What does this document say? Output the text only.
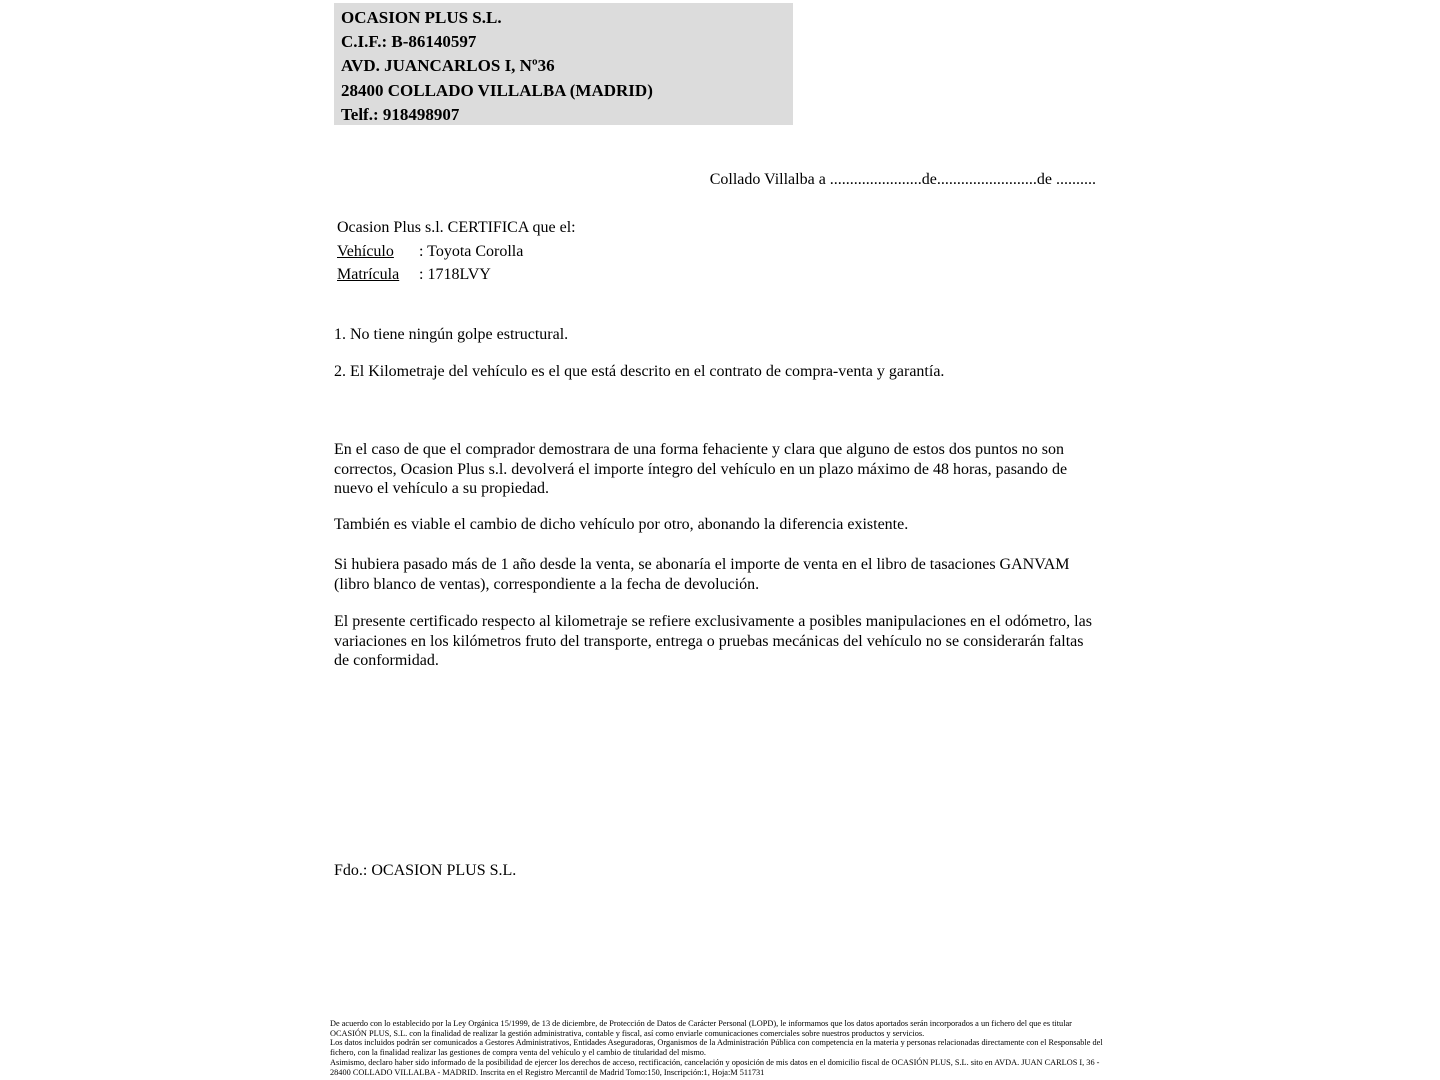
OCASION PLUS S.L.
C.I.F.: B-86140597
AVD. JUANCARLOS I, Nº36
28400 COLLADO VILLALBA (MADRID)
Telf.: 918498907
Collado Villalba a .......................de.........................de ..........
Ocasion Plus s.l. CERTIFICA que el:
Vehículo : Toyota Corolla
Matrícula : 1718LVY
1. No tiene ningún golpe estructural.
2. El Kilometraje del vehículo es el que está descrito en el contrato de compra-venta y garantía.
En el caso de que el comprador demostrara de una forma fehaciente y clara que alguno de estos dos puntos no son correctos, Ocasion Plus s.l. devolverá el importe íntegro del vehículo en un plazo máximo de 48 horas, pasando de nuevo el vehículo a su propiedad.
También es viable el cambio de dicho vehículo por otro, abonando la diferencia existente.
Si hubiera pasado más de 1 año desde la venta, se abonaría el importe de venta en el libro de tasaciones GANVAM (libro blanco de ventas), correspondiente a la fecha de devolución.
El presente certificado respecto al kilometraje se refiere exclusivamente a posibles manipulaciones en el odómetro, las variaciones en los kilómetros fruto del transporte, entrega o pruebas mecánicas del vehículo no se considerarán faltas de conformidad.
Fdo.: OCASION PLUS S.L.
De acuerdo con lo establecido por la Ley Orgánica 15/1999, de 13 de diciembre, de Protección de Datos de Carácter Personal (LOPD), le informamos que los datos aportados serán incorporados a un fichero del que es titular OCASIÓN PLUS, S.L. con la finalidad de realizar la gestión administrativa, contable y fiscal, así como enviarle comunicaciones comerciales sobre nuestros productos y servicios.
Los datos incluidos podrán ser comunicados a Gestores Administrativos, Entidades Aseguradoras, Organismos de la Administración Pública con competencia en la materia y personas relacionadas directamente con el Responsable del fichero, con la finalidad realizar las gestiones de compra venta del vehículo y el cambio de titularidad del mismo.
Asimismo, declaro haber sido informado de la posibilidad de ejercer los derechos de acceso, rectificación, cancelación y oposición de mis datos en el domicilio fiscal de OCASIÓN PLUS, S.L. sito en AVDA. JUAN CARLOS I, 36 - 28400 COLLADO VILLALBA - MADRID. Inscrita en el Registro Mercantil de Madrid Tomo:150, Inscripción:1, Hoja:M 511731
